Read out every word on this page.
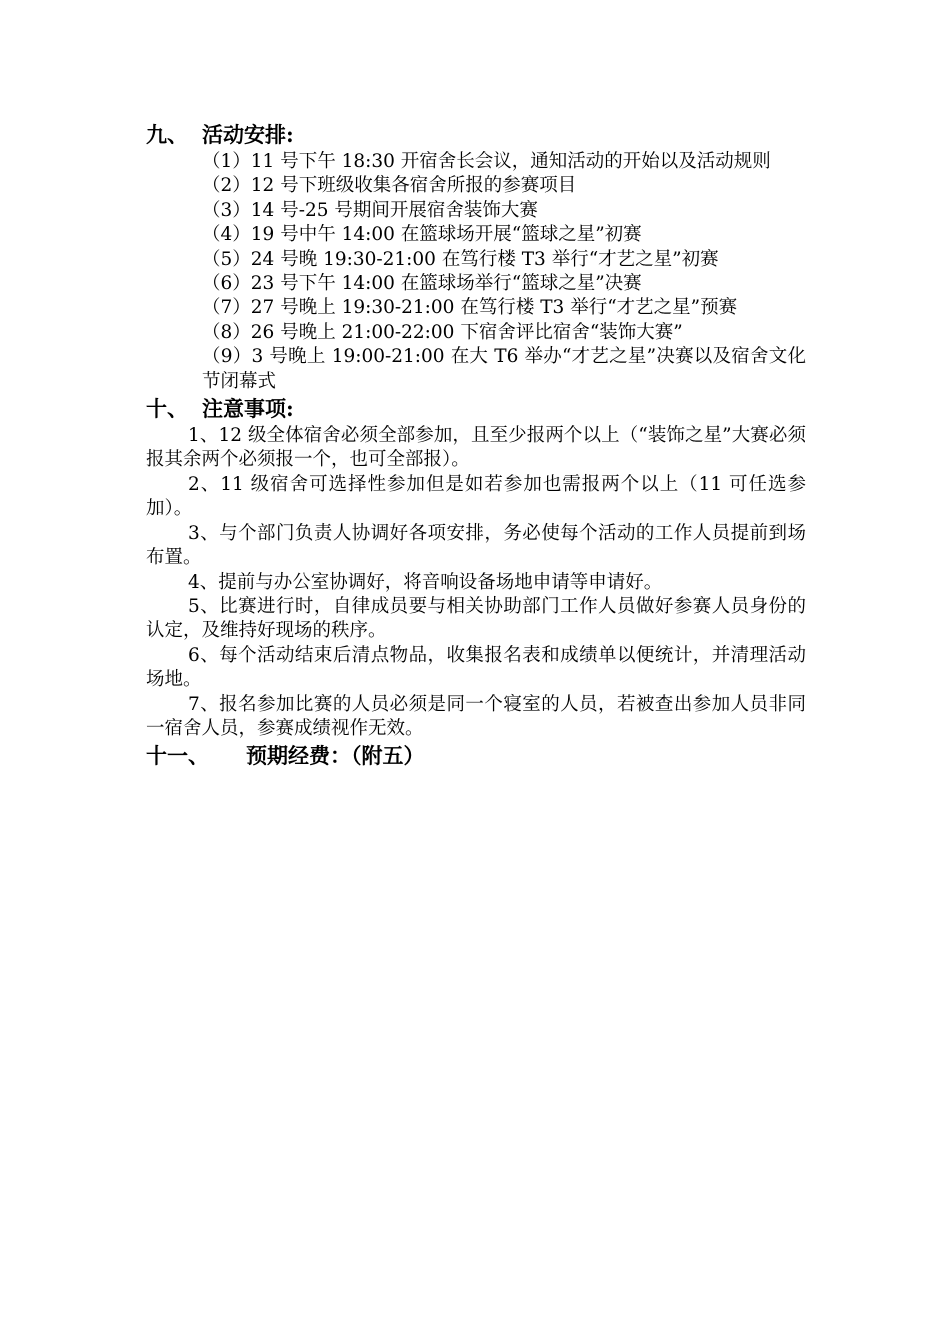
九、 活动安排:

（1）11 号下午 18:30 开宿舍长会议，通知活动的开始以及活动规则

（2）12 号下班级收集各宿舍所报的参赛项目

（3）14 号-25 号期间开展宿舍装饰大赛

（4）19 号中午 14:00 在篮球场开展“篮球之星”初赛

（5）24 号晚 19:30-21:00 在笃行楼 T3 举行“才艺之星”初赛

（6）23 号下午 14:00 在篮球场举行“篮球之星”决赛

（7）27 号晚上 19:30-21:00 在笃行楼 T3 举行“才艺之星”预赛

（8）26 号晚上 21:00-22:00 下宿舍评比宿舍“装饰大赛”

（9）3 号晚上 19:00-21:00 在大 T6 举办“才艺之星”决赛以及宿舍文化节闭幕式

十、 注意事项:

1、12 级全体宿舍必须全部参加，且至少报两个以上（“装饰之星”大赛必须报其余两个必须报一个，也可全部报）。

2、11 级宿舍可选择性参加但是如若参加也需报两个以上（11 可任选参加）。

3、与个部门负责人协调好各项安排，务必使每个活动的工作人员提前到场布置。

4、提前与办公室协调好，将音响设备场地申请等申请好。

5、比赛进行时，自律成员要与相关协助部门工作人员做好参赛人员身份的认定，及维持好现场的秩序。

6、每个活动结束后清点物品，收集报名表和成绩单以便统计，并清理活动场地。

7、报名参加比赛的人员必须是同一个寝室的人员，若被查出参加人员非同一宿舍人员，参赛成绩视作无效。

十一、	预期经费：（附五）
